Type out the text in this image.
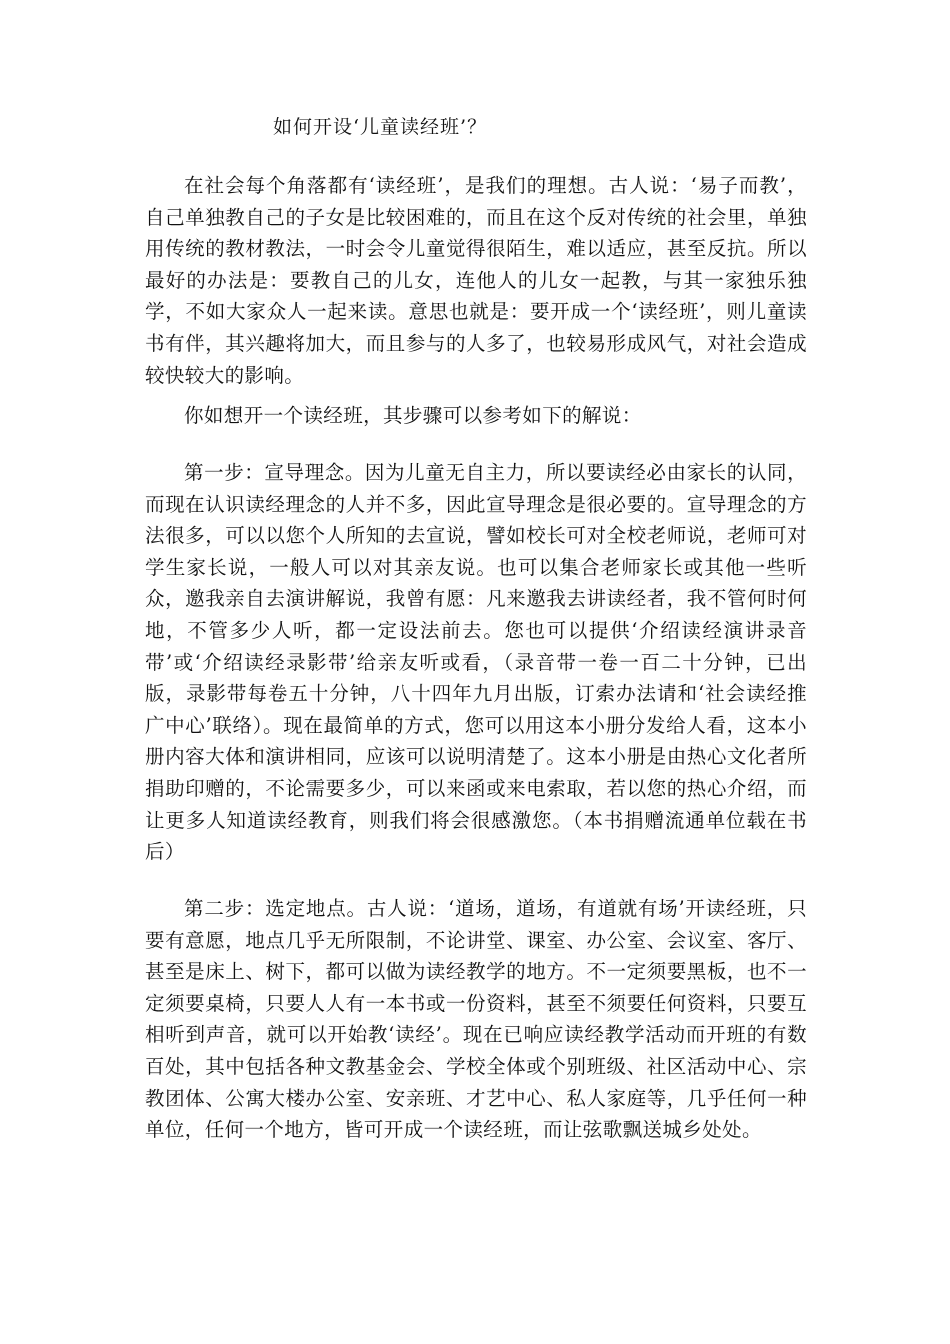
如何开设‘儿童读经班’？

在社会每个角落都有‘读经班’，是我们的理想。古人说：‘易子而教’，自己单独教自己的子女是比较困难的，而且在这个反对传统的社会里，单独用传统的教材教法，一时会令儿童觉得很陌生，难以适应，甚至反抗。所以最好的办法是：要教自己的儿女，连他人的儿女一起教，与其一家独乐独学，不如大家众人一起来读。意思也就是：要开成一个‘读经班’，则儿童读书有伴，其兴趣将加大，而且参与的人多了，也较易形成风气，对社会造成较快较大的影响。

你如想开一个读经班，其步骤可以参考如下的解说：

第一步：宣导理念。因为儿童无自主力，所以要读经必由家长的认同，而现在认识读经理念的人并不多，因此宣导理念是很必要的。宣导理念的方法很多，可以以您个人所知的去宣说，譬如校长可对全校老师说，老师可对学生家长说，一般人可以对其亲友说。也可以集合老师家长或其他一些听众，邀我亲自去演讲解说，我曾有愿：凡来邀我去讲读经者，我不管何时何地，不管多少人听，都一定设法前去。您也可以提供‘介绍读经演讲录音带’或‘介绍读经录影带’给亲友听或看，（录音带一卷一百二十分钟，已出版，录影带每卷五十分钟，八十四年九月出版，订索办法请和‘社会读经推广中心’联络）。现在最简单的方式，您可以用这本小册分发给人看，这本小册内容大体和演讲相同，应该可以说明清楚了。这本小册是由热心文化者所捐助印赠的，不论需要多少，可以来函或来电索取，若以您的热心介绍，而让更多人知道读经教育，则我们将会很感激您。（本书捐赠流通单位载在书后）

第二步：选定地点。古人说：‘道场，道场，有道就有场’开读经班，只要有意愿，地点几乎无所限制，不论讲堂、课室、办公室、会议室、客厅、甚至是床上、树下，都可以做为读经教学的地方。不一定须要黑板，也不一定须要桌椅，只要人人有一本书或一份资料，甚至不须要任何资料，只要互相听到声音，就可以开始教‘读经’。现在已响应读经教学活动而开班的有数百处，其中包括各种文教基金会、学校全体或个别班级、社区活动中心、宗教团体、公寓大楼办公室、安亲班、才艺中心、私人家庭等，几乎任何一种单位，任何一个地方，皆可开成一个读经班，而让弦歌飘送城乡处处。
